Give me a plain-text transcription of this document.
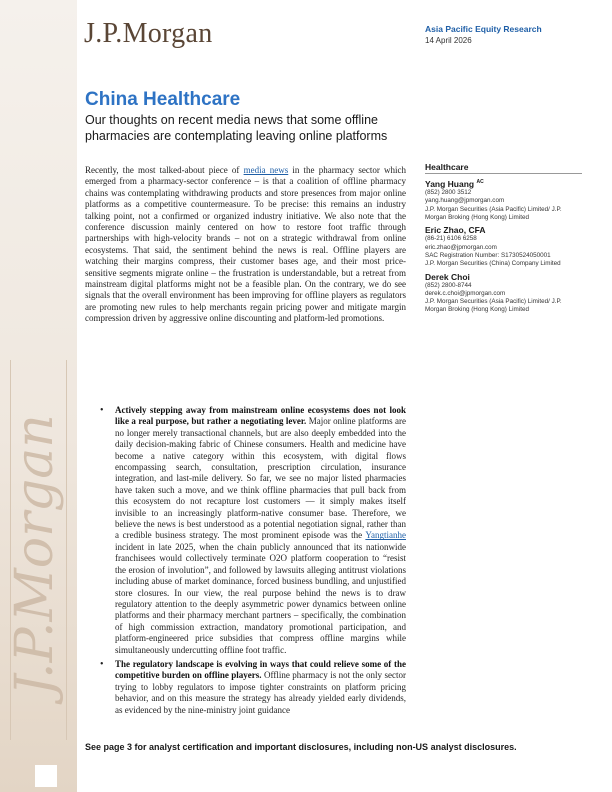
J.P.Morgan
J.P.Morgan	Asia Pacific Equity Research
14 April 2026
China Healthcare
Our thoughts on recent media news that some offline pharmacies are contemplating leaving online platforms
Recently, the most talked-about piece of media news in the pharmacy sector which emerged from a pharmacy-sector conference – is that a coalition of offline pharmacy chains was contemplating withdrawing products and store presences from major online platforms as a competitive countermeasure. To be precise: this remains an industry talking point, not a confirmed or organized industry initiative. We also note that the conference discussion mainly centered on how to restore foot traffic through partnerships with high-velocity brands – not on a strategic withdrawal from online ecosystems. That said, the sentiment behind the news is real. Offline players are watching their margins compress, their customer bases age, and their most price-sensitive segments migrate online – the frustration is understandable, but a retreat from mainstream digital platforms might not be a feasible plan. On the contrary, we do see signals that the overall environment has been improving for offline players as regulators are promoting new rules to help merchants regain pricing power and mitigate margin compression driven by aggressive online discounting and platform-led promotions.
• Actively stepping away from mainstream online ecosystems does not look like a real purpose, but rather a negotiating lever. Major online platforms are no longer merely transactional channels, but are also deeply embedded into the daily decision-making fabric of Chinese consumers. Health and medicine have become a native category within this ecosystem, with digital flows encompassing search, consultation, prescription circulation, insurance integration, and last-mile delivery. So far, we see no major listed pharmacies have taken such a move, and we think offline pharmacies that pull back from this ecosystem do not recapture lost customers — it simply makes itself invisible to an increasingly platform-native consumer base. Therefore, we believe the news is best understood as a potential negotiation signal, rather than a credible business strategy. The most prominent episode was the Yangtianhe incident in late 2025, when the chain publicly announced that its nationwide franchisees would collectively terminate O2O platform cooperation to “resist the erosion of involution”, and followed by lawsuits alleging antitrust violations including abuse of market dominance, forced business bundling, and unjustified store closures. In our view, the real purpose behind the news is to draw regulatory attention to the deeply asymmetric power dynamics between online platforms and their pharmacy merchant partners – specifically, the combination of high commission extraction, mandatory promotional participation, and platform-engineered price subsidies that compress offline margins while simultaneously undercutting offline foot traffic.
• The regulatory landscape is evolving in ways that could relieve some of the competitive burden on offline players. Offline pharmacy is not the only sector trying to lobby regulators to impose tighter constraints on platform pricing behavior, and on this measure the strategy has already yielded early dividends, as evidenced by the nine-ministry joint guidance
Healthcare
Yang Huang $^{AC}$
(852) 2800 3512
yang.huang@jpmorgan.com
J.P. Morgan Securities (Asia Pacific) Limited/ J.P. Morgan Broking (Hong Kong) Limited
Eric Zhao, CFA
(86-21) 6106 6258
eric.zhao@jpmorgan.com
SAC Registration Number: S1730524050001
J.P. Morgan Securities (China) Company Limited
Derek Choi
(852) 2800-8744
derek.c.choi@jpmorgan.com
J.P. Morgan Securities (Asia Pacific) Limited/ J.P. Morgan Broking (Hong Kong) Limited
See page 3 for analyst certification and important disclosures, including non-US analyst disclosures.
